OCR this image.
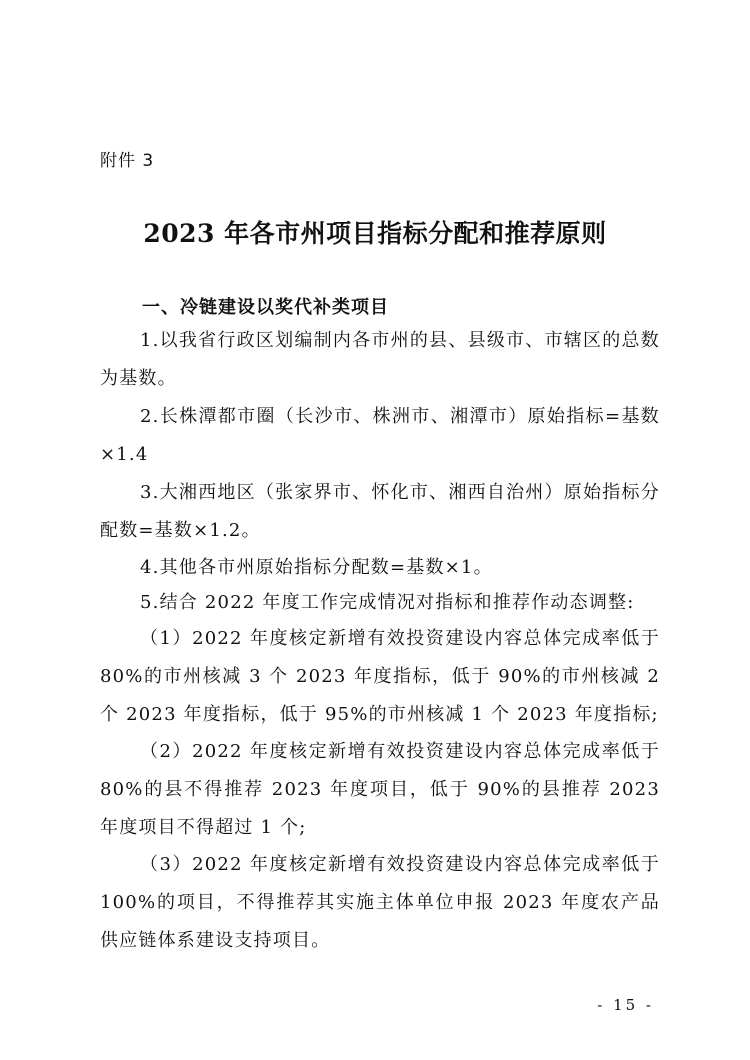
附件 3
2023 年各市州项目指标分配和推荐原则
一、冷链建设以奖代补类项目
1.以我省行政区划编制内各市州的县、县级市、市辖区的总数为基数。
2.长株潭都市圈（长沙市、株洲市、湘潭市）原始指标=基数×1.4
3.大湘西地区（张家界市、怀化市、湘西自治州）原始指标分配数=基数×1.2。
4.其他各市州原始指标分配数=基数×1。
5.结合 2022 年度工作完成情况对指标和推荐作动态调整:
（1）2022 年度核定新增有效投资建设内容总体完成率低于 80%的市州核减 3 个 2023 年度指标，低于 90%的市州核减 2 个 2023 年度指标，低于 95%的市州核减 1 个 2023 年度指标;
（2）2022 年度核定新增有效投资建设内容总体完成率低于 80%的县不得推荐 2023 年度项目，低于 90%的县推荐 2023 年度项目不得超过 1 个;
（3）2022 年度核定新增有效投资建设内容总体完成率低于 100%的项目，不得推荐其实施主体单位申报 2023 年度农产品供应链体系建设支持项目。
- 15 -
